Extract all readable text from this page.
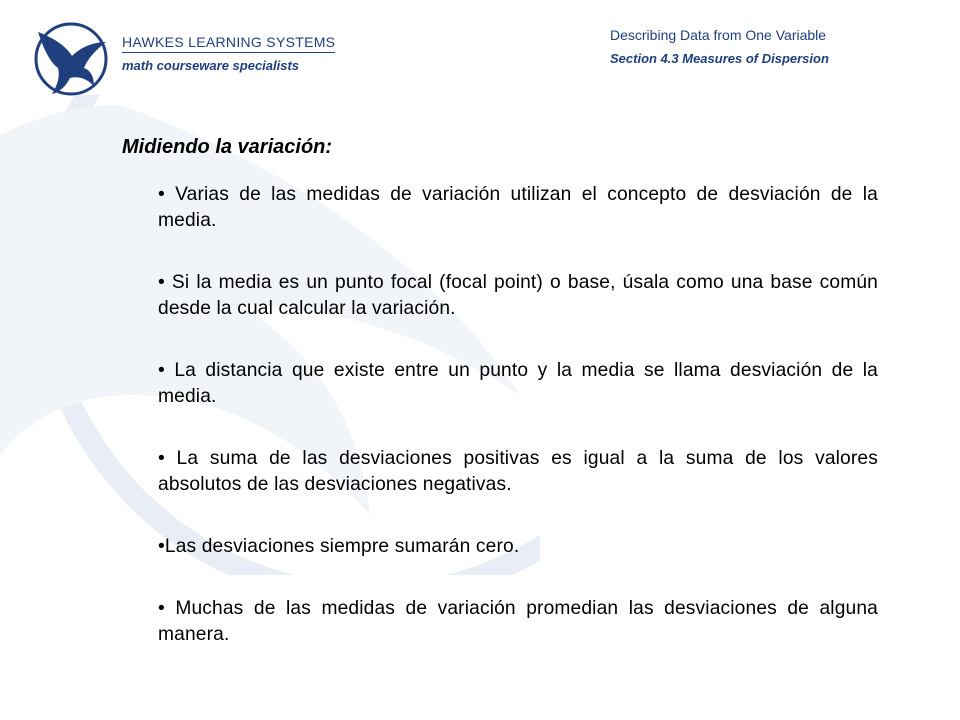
HAWKES LEARNING SYSTEMS
math courseware specialists
Describing Data from One Variable
Section 4.3 Measures of Dispersion
Midiendo la variación:
• Varias de las medidas de variación utilizan el concepto de desviación de la media.
• Si la media es un punto focal (focal point) o base, úsala como una base común desde la cual calcular la variación.
• La distancia que existe entre un punto y la media se llama desviación de la media.
• La suma de las desviaciones positivas es igual a la suma de los valores absolutos de las desviaciones negativas.
•Las desviaciones siempre sumarán cero.
• Muchas de las medidas de variación promedian las desviaciones de alguna manera.
